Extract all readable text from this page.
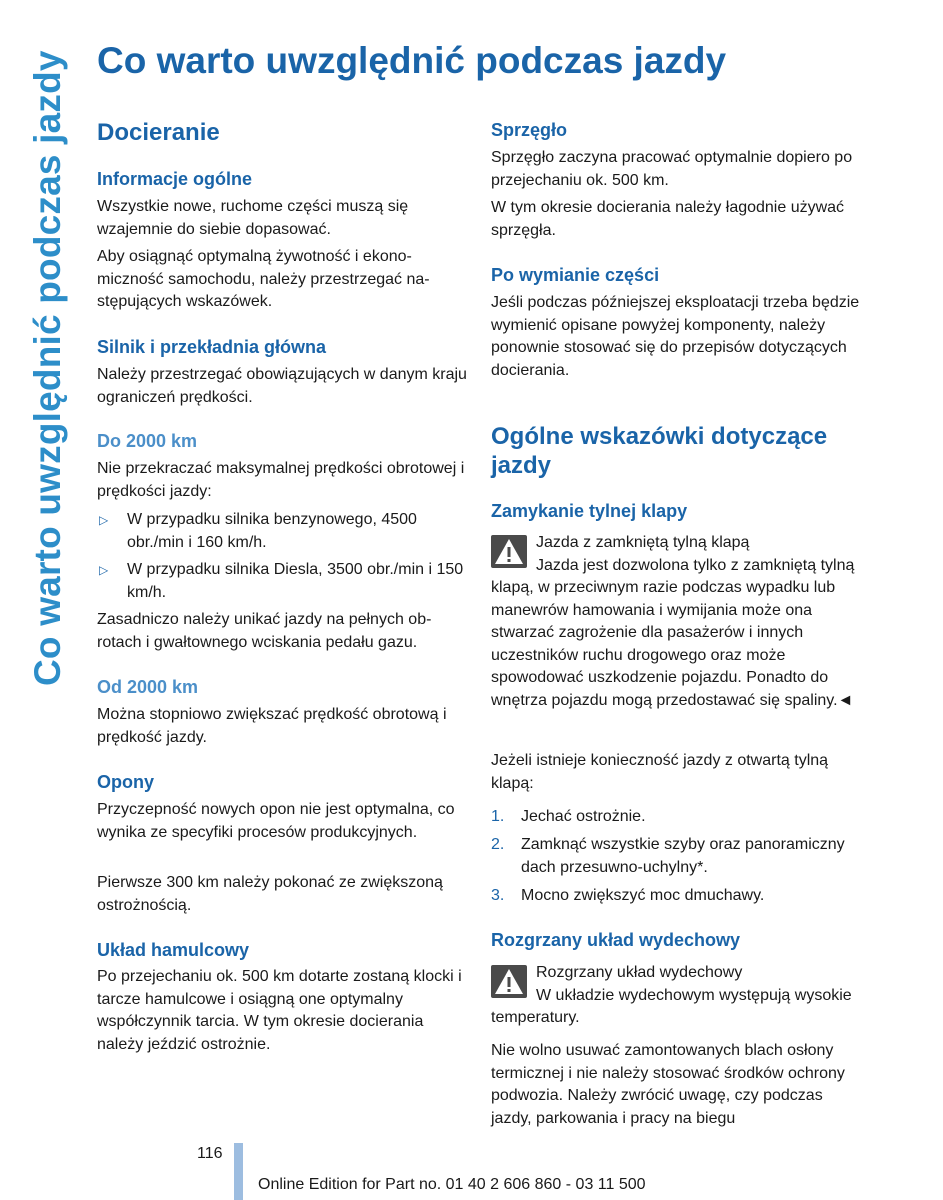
Co warto uwzględnić podczas jazdy Co warto uwzględnić podczas jazdy
Docieranie
Informacje ogólne
Wszystkie nowe, ruchome części muszą się wzajemnie do siebie dopasować.
Aby osiągnąć optymalną żywotność i ekonomiczność samochodu, należy przestrzegać następujących wskazówek.
Silnik i przekładnia główna
Należy przestrzegać obowiązujących w danym kraju ograniczeń prędkości.
Do 2000 km
Nie przekraczać maksymalnej prędkości obrotowej i prędkości jazdy:
▷ W przypadku silnika benzynowego, 4500 obr./min i 160 km/h.
▷ W przypadku silnika Diesla, 3500 obr./min i 150 km/h.
Zasadniczo należy unikać jazdy na pełnych obrotach i gwałtownego wciskania pedału gazu.
Od 2000 km
Można stopniowo zwiększać prędkość obrotową i prędkość jazdy.
Opony
Przyczepność nowych opon nie jest optymalna, co wynika ze specyfiki procesów produkcyjnych.
Pierwsze 300 km należy pokonać ze zwiększoną ostrożnością.
Układ hamulcowy
Po przejechaniu ok. 500 km dotarte zostaną klocki i tarcze hamulcowe i osiągną one optymalny współczynnik tarcia. W tym okresie docierania należy jeździć ostrożnie.
Sprzęgło
Sprzęgło zaczyna pracować optymalnie dopiero po przejechaniu ok. 500 km.
W tym okresie docierania należy łagodnie używać sprzęgła.
Po wymianie części
Jeśli podczas późniejszej eksploatacji trzeba będzie wymienić opisane powyżej komponenty, należy ponownie stosować się do przepisów dotyczących docierania.
Ogólne wskazówki dotyczące jazdy
Zamykanie tylnej klapy
Jazda z zamkniętą tylną klapą
Jazda jest dozwolona tylko z zamkniętą tylną klapą, w przeciwnym razie podczas wypadku lub manewrów hamowania i wymijania może ona stwarzać zagrożenie dla pasażerów i innych uczestników ruchu drogowego oraz może spowodować uszkodzenie pojazdu. Ponadto do wnętrza pojazdu mogą przedostawać się spaliny.◄
Jeżeli istnieje konieczność jazdy z otwartą tylną klapą:
1. Jechać ostrożnie.
2. Zamknąć wszystkie szyby oraz panoramiczny dach przesuwno-uchylny*.
3. Mocno zwiększyć moc dmuchawy.
Rozgrzany układ wydechowy
Rozgrzany układ wydechowy
W układzie wydechowym występują wysokie temperatury.
Nie wolno usuwać zamontowanych blach osłony termicznej i nie należy stosować środków ochrony podwozia. Należy zwrócić uwagę, czy podczas jazdy, parkowania i pracy na biegu
116
Online Edition for Part no. 01 40 2 606 860 - 03 11 500
